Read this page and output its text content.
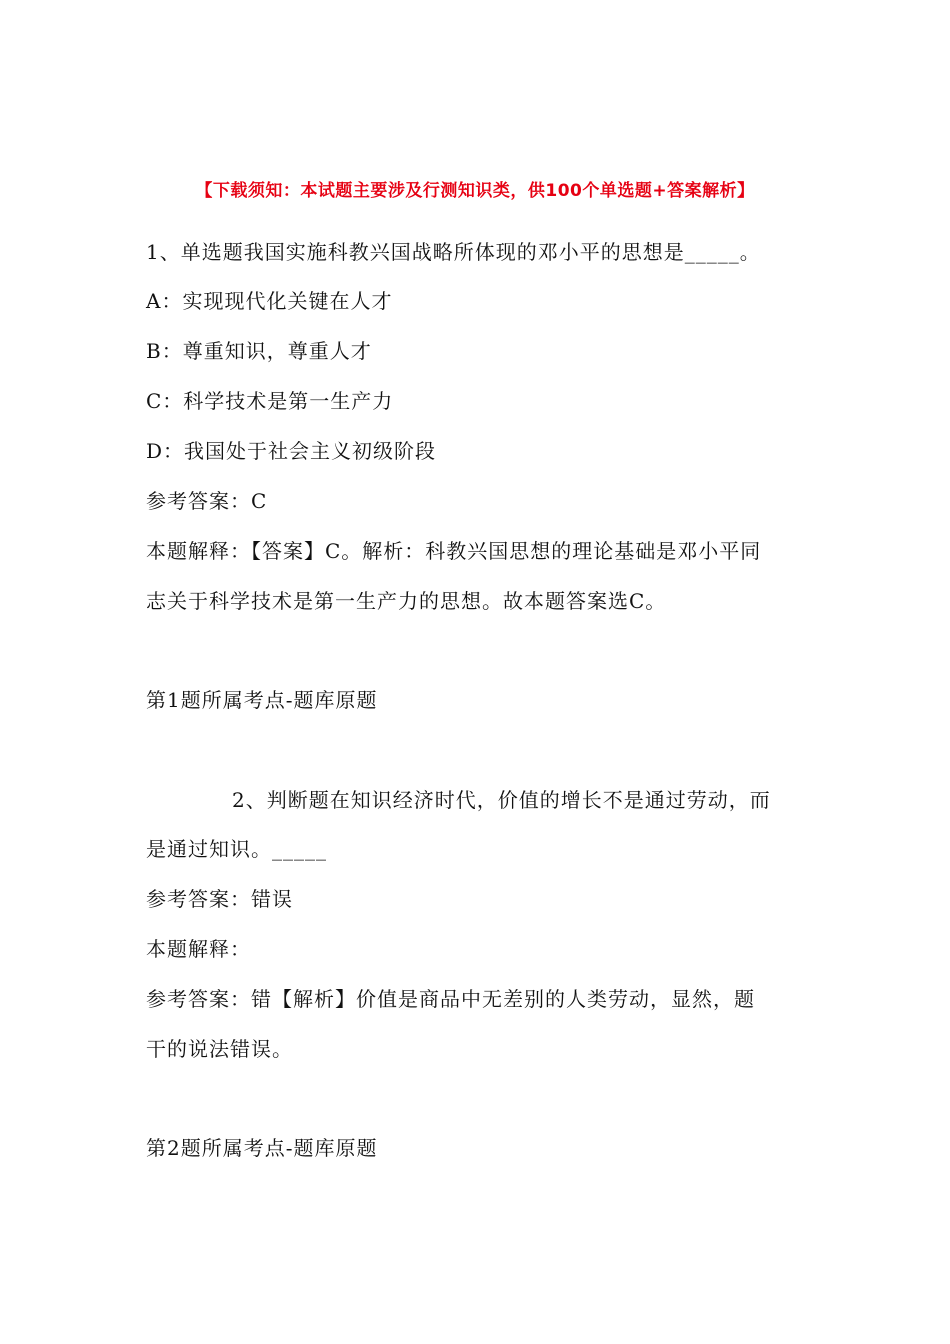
【下载须知：本试题主要涉及行测知识类，供100个单选题+答案解析】
1、单选题我国实施科教兴国战略所体现的邓小平的思想是_____。
A：实现现代化关键在人才
B：尊重知识，尊重人才
C：科学技术是第一生产力
D：我国处于社会主义初级阶段
参考答案：C
本题解释：【答案】C。解析：科教兴国思想的理论基础是邓小平同
志关于科学技术是第一生产力的思想。故本题答案选C。
第1题所属考点-题库原题
2、判断题在知识经济时代，价值的增长不是通过劳动，而
是通过知识。_____
参考答案：错误
本题解释：
参考答案：错【解析】价值是商品中无差别的人类劳动，显然，题
干的说法错误。
第2题所属考点-题库原题
